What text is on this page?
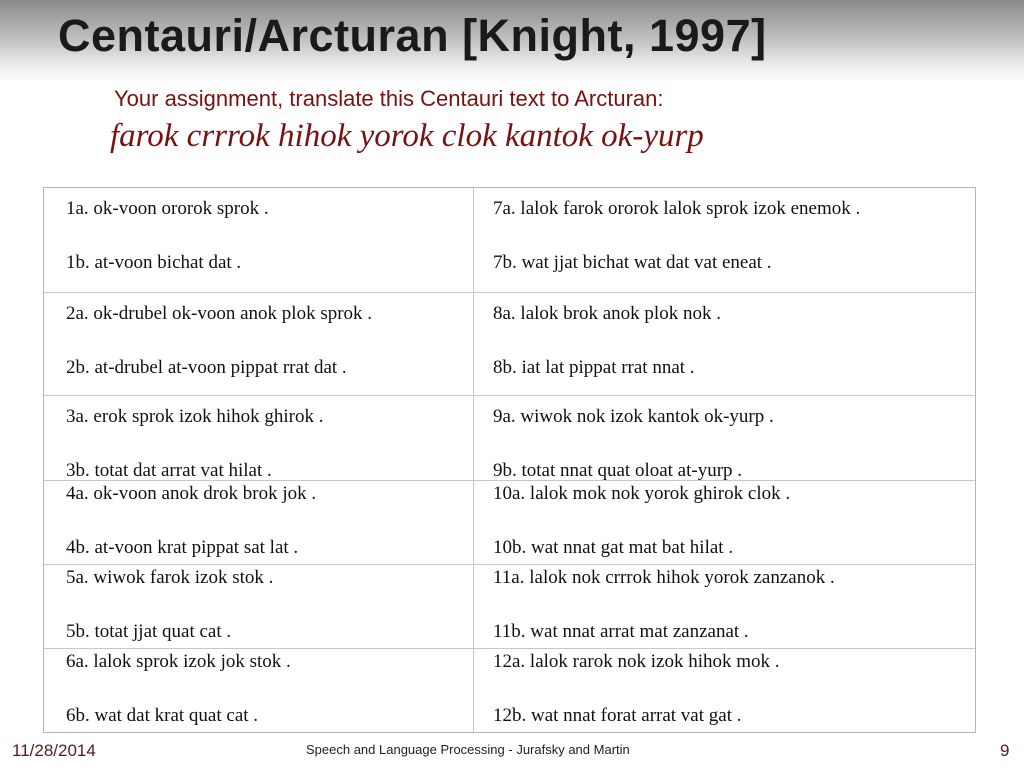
Centauri/Arcturan [Knight, 1997]
Your assignment, translate this Centauri text to Arcturan:
farok crrrok hihok yorok clok kantok ok-yurp
1a. ok-voon ororok sprok .
1b. at-voon bichat dat .
7a. lalok farok ororok lalok sprok izok enemok .
7b. wat jjat bichat wat dat vat eneat .
2a. ok-drubel ok-voon anok plok sprok .
2b. at-drubel at-voon pippat rrat dat .
8a. lalok brok anok plok nok .
8b. iat lat pippat rrat nnat .
3a. erok sprok izok hihok ghirok .
3b. totat dat arrat vat hilat .
9a. wiwok nok izok kantok ok-yurp .
9b. totat nnat quat oloat at-yurp .
4a. ok-voon anok drok brok jok .
4b. at-voon krat pippat sat lat .
10a. lalok mok nok yorok ghirok clok .
10b. wat nnat gat mat bat hilat .
5a. wiwok farok izok stok .
5b. totat jjat quat cat .
11a. lalok nok crrrok hihok yorok zanzanok .
11b. wat nnat arrat mat zanzanat .
6a. lalok sprok izok jok stok .
6b. wat dat krat quat cat .
12a. lalok rarok nok izok hihok mok .
12b. wat nnat forat arrat vat gat .
11/28/2014	Speech and Language Processing - Jurafsky and Martin	9
